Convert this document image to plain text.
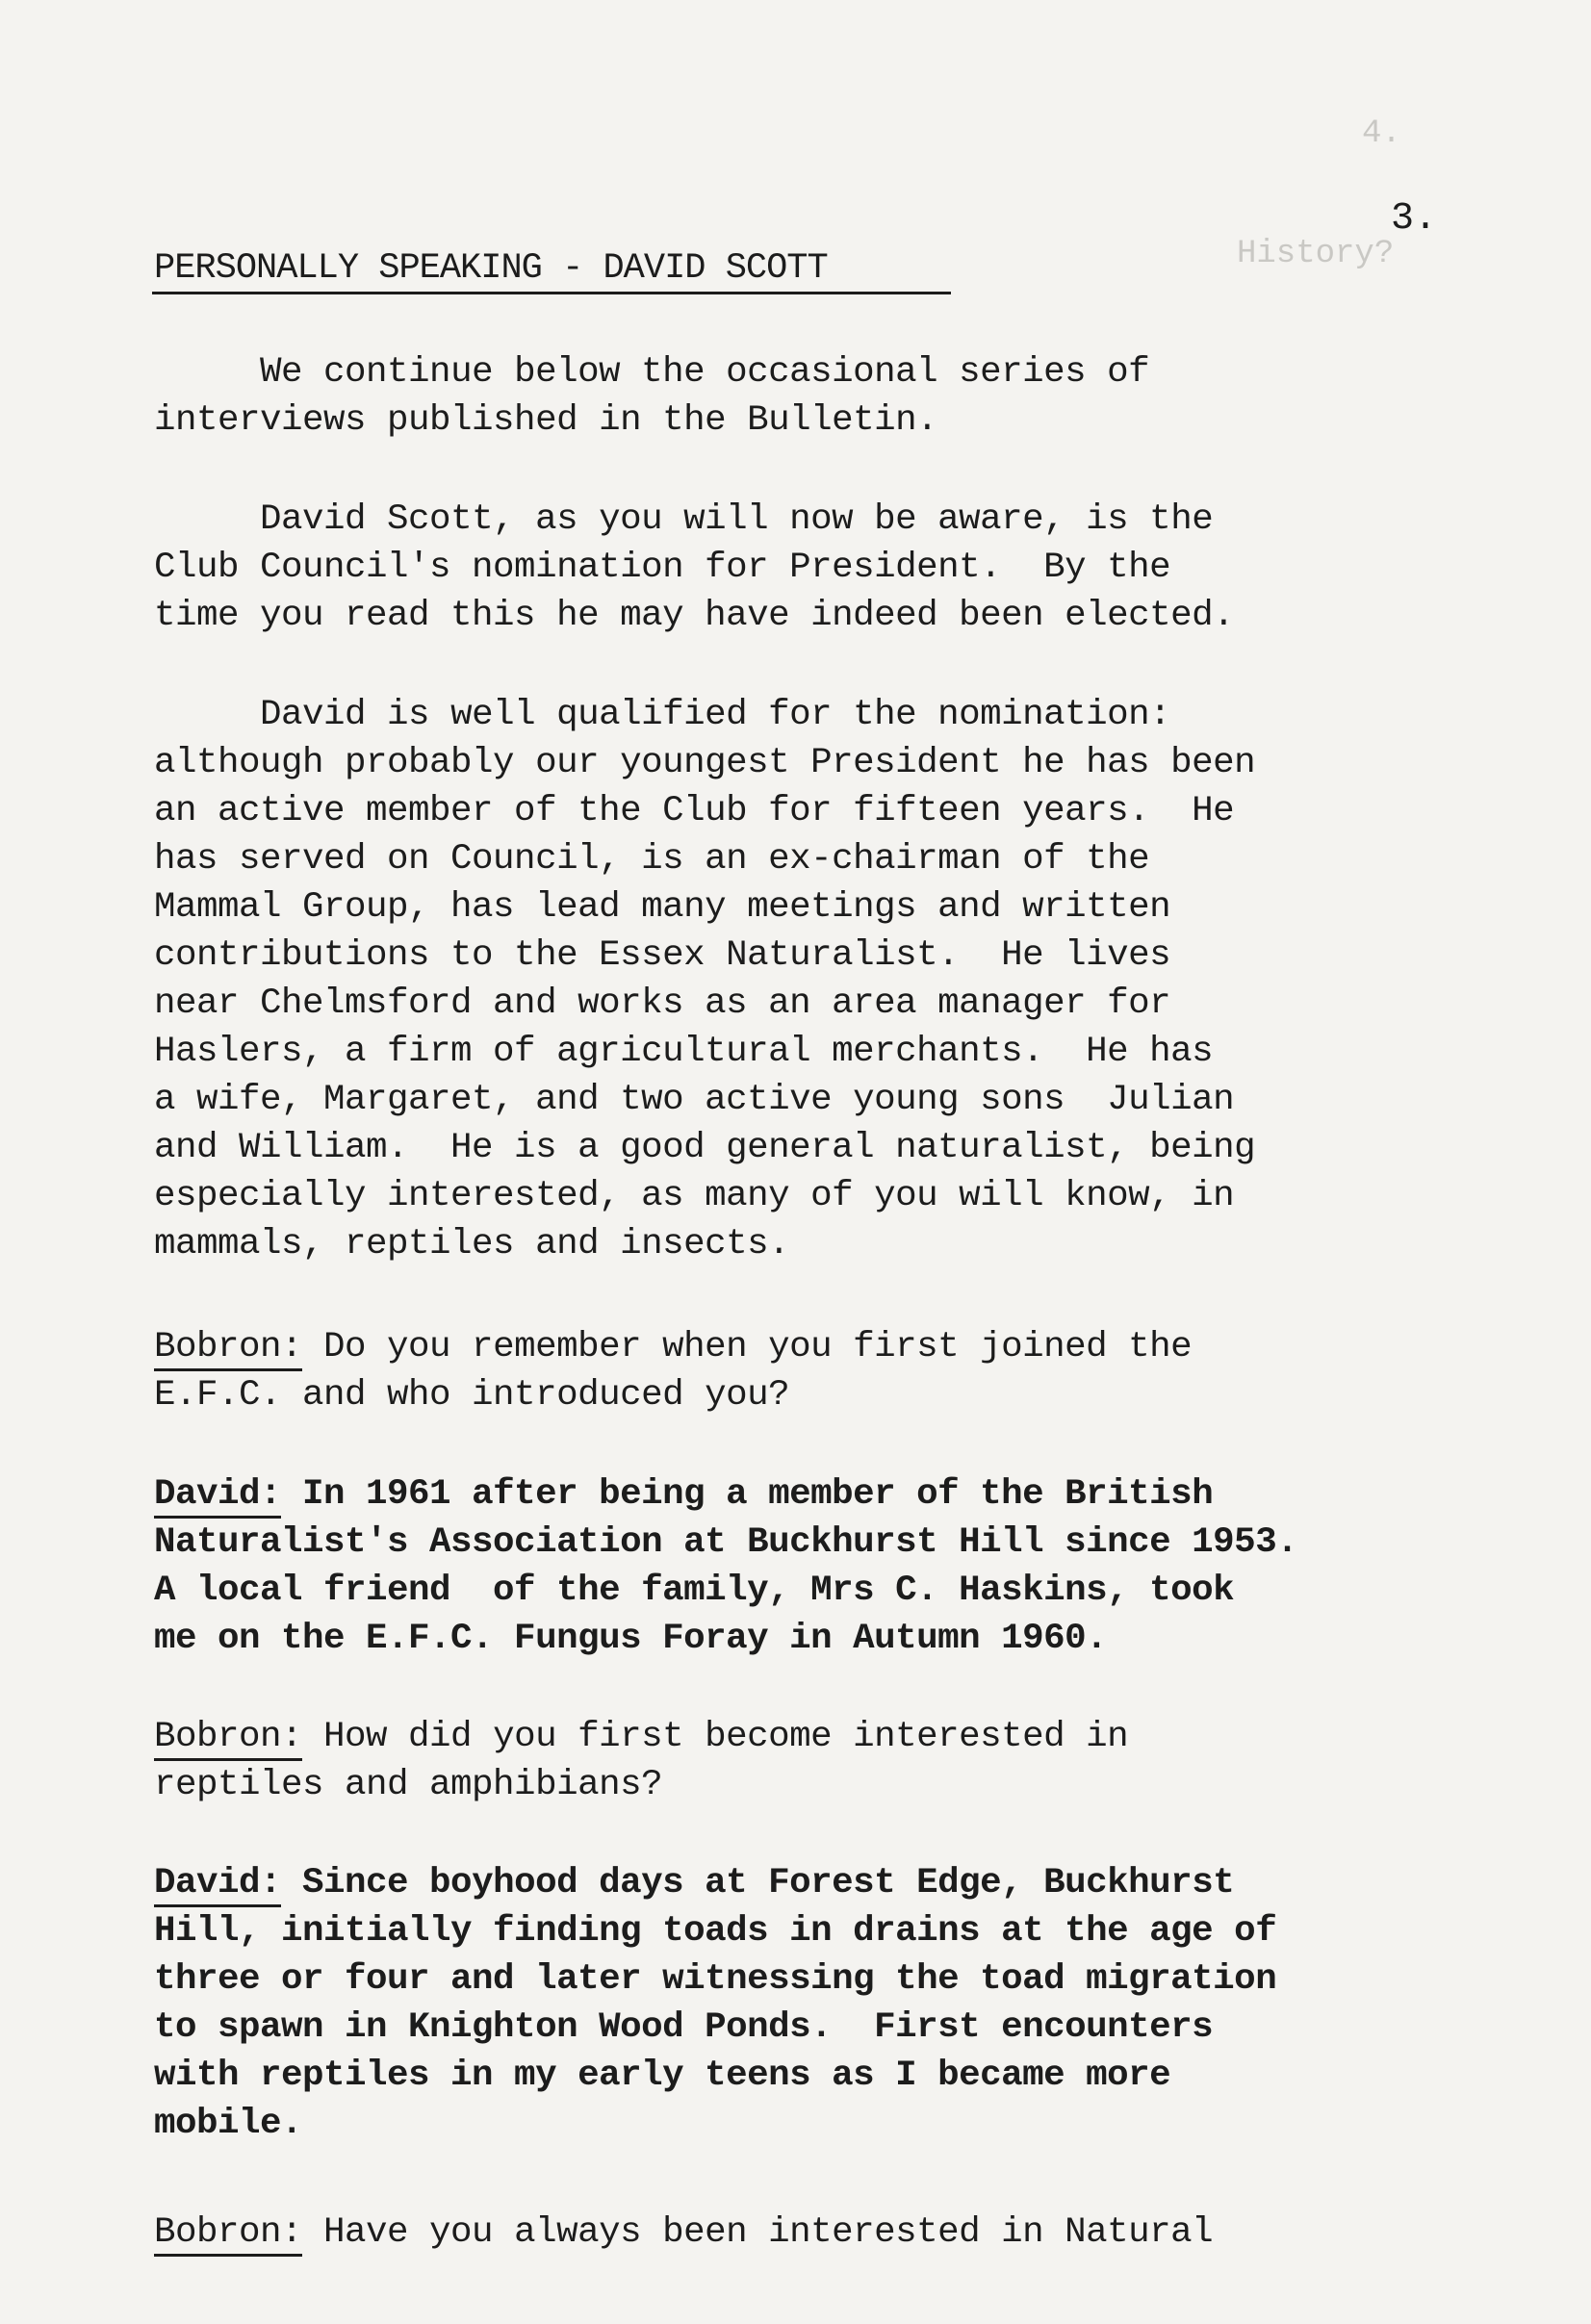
4.
History?
3.
PERSONALLY SPEAKING - DAVID SCOTT
We continue below the occasional series of
interviews published in the Bulletin.
David Scott, as you will now be aware, is the
Club Council's nomination for President.  By the
time you read this he may have indeed been elected.
David is well qualified for the nomination:
although probably our youngest President he has been
an active member of the Club for fifteen years.  He
has served on Council, is an ex-chairman of the
Mammal Group, has lead many meetings and written
contributions to the Essex Naturalist.  He lives
near Chelmsford and works as an area manager for
Haslers, a firm of agricultural merchants.  He has
a wife, Margaret, and two active young sons  Julian
and William.  He is a good general naturalist, being
especially interested, as many of you will know, in
mammals, reptiles and insects.
Bobron: Do you remember when you first joined the
E.F.C. and who introduced you?
David: In 1961 after being a member of the British
Naturalist's Association at Buckhurst Hill since 1953.
A local friend  of the family, Mrs C. Haskins, took
me on the E.F.C. Fungus Foray in Autumn 1960.
Bobron: How did you first become interested in
reptiles and amphibians?
David: Since boyhood days at Forest Edge, Buckhurst
Hill, initially finding toads in drains at the age of
three or four and later witnessing the toad migration
to spawn in Knighton Wood Ponds.  First encounters
with reptiles in my early teens as I became more
mobile.
Bobron: Have you always been interested in Natural
